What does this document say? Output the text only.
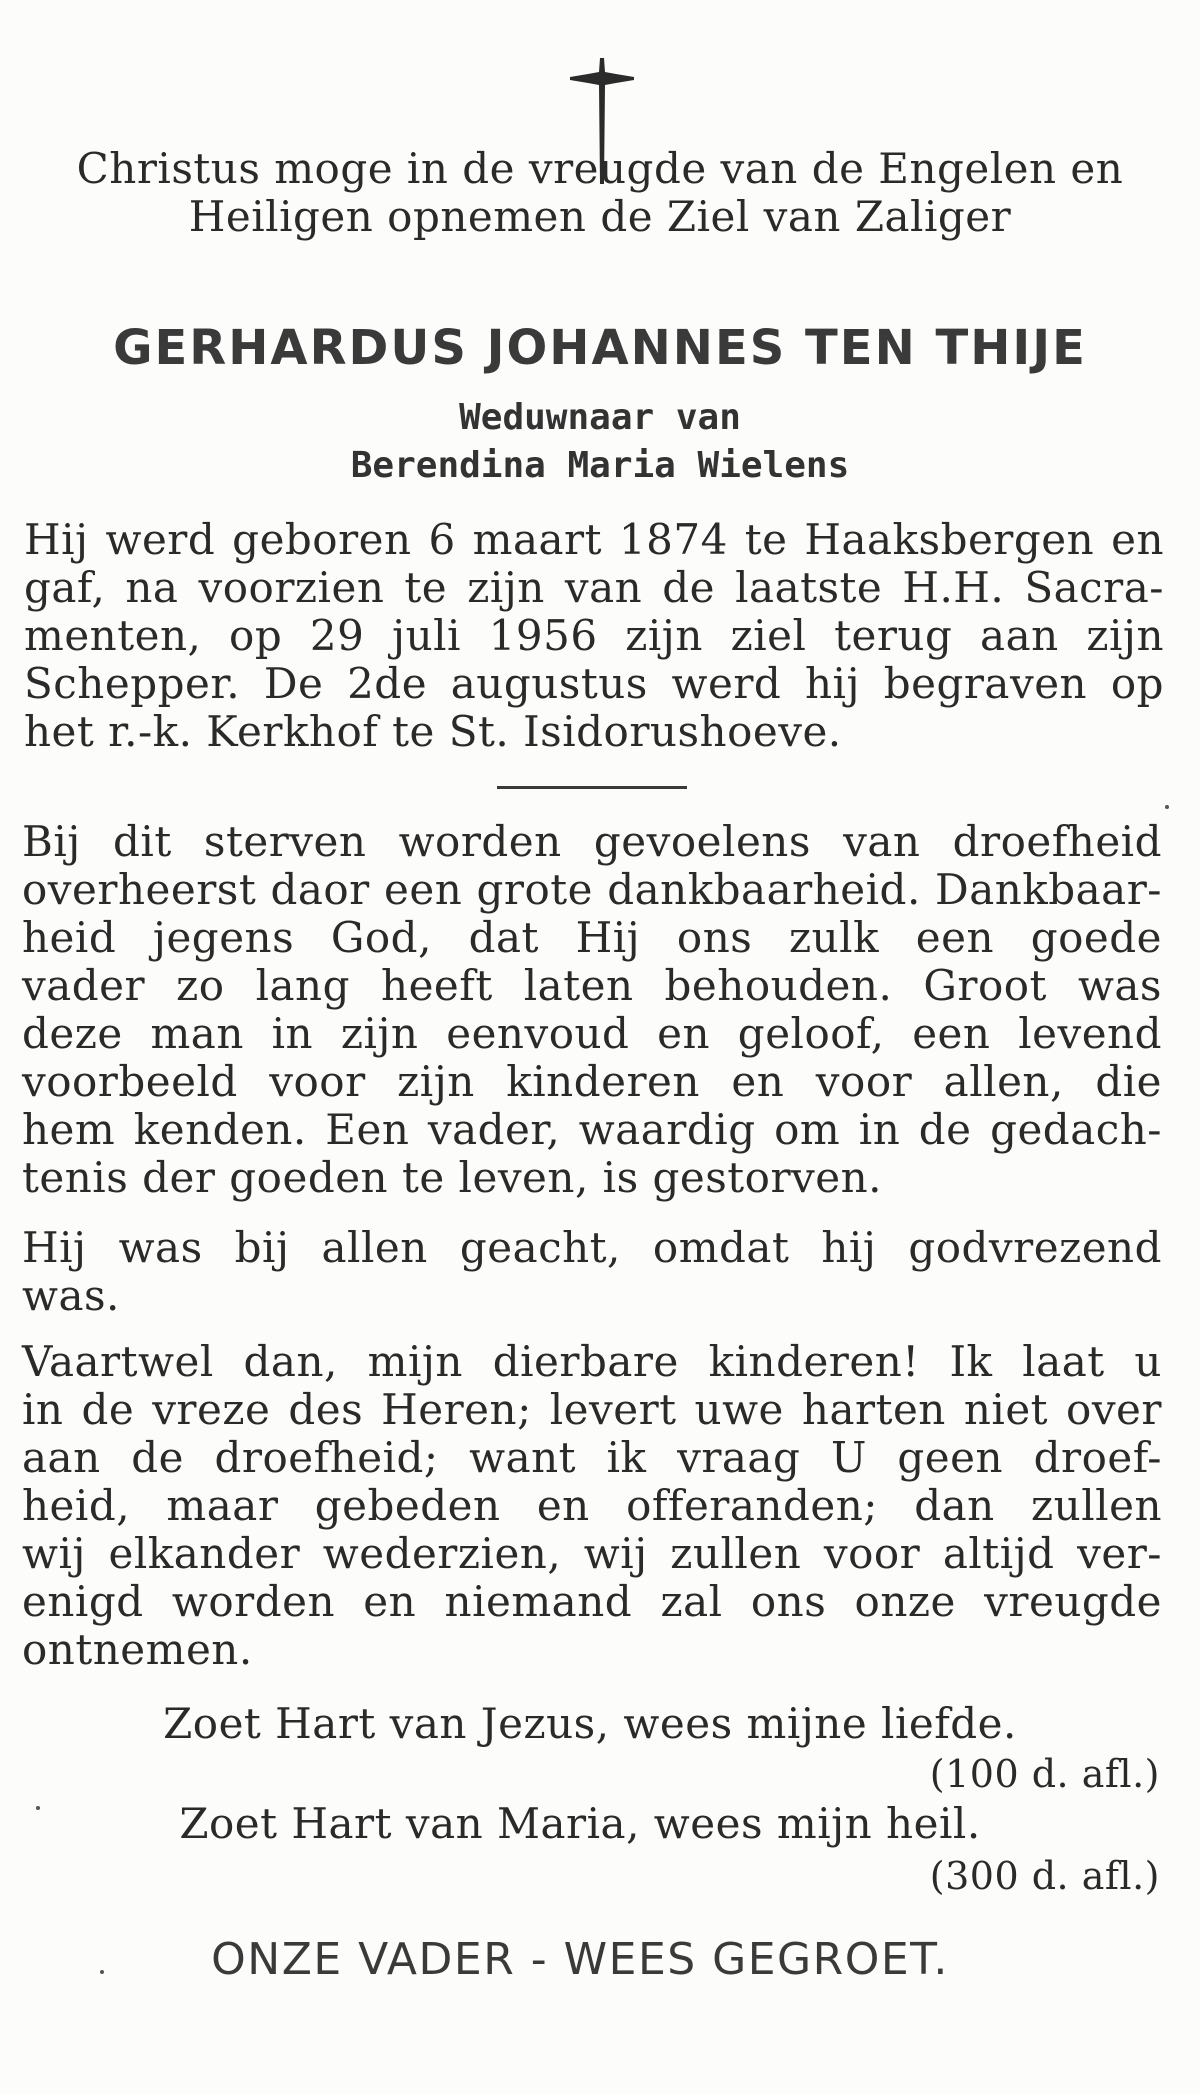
Christus moge in de vreugde van de Engelen en
Heiligen opnemen de Ziel van Zaliger
GERHARDUS JOHANNES TEN THIJE
Weduwnaar van
Berendina Maria Wielens
Hij werd geboren 6 maart 1874 te Haaksbergen en
gaf, na voorzien te zijn van de laatste H.H. Sacra-
menten, op 29 juli 1956 zijn ziel terug aan zijn
Schepper. De 2de augustus werd hij begraven op
het r.-k. Kerkhof te St. Isidorushoeve.
Bij dit sterven worden gevoelens van droefheid
overheerst daor een grote dankbaarheid. Dankbaar-
heid jegens God, dat Hij ons zulk een goede
vader zo lang heeft laten behouden. Groot was
deze man in zijn eenvoud en geloof, een levend
voorbeeld voor zijn kinderen en voor allen, die
hem kenden. Een vader, waardig om in de gedach-
tenis der goeden te leven, is gestorven.
Hij was bij allen geacht, omdat hij godvrezend
was.
Vaartwel dan, mijn dierbare kinderen! Ik laat u
in de vreze des Heren; levert uwe harten niet over
aan de droefheid; want ik vraag U geen droef-
heid, maar gebeden en offeranden; dan zullen
wij elkander wederzien, wij zullen voor altijd ver-
enigd worden en niemand zal ons onze vreugde
ontnemen.
Zoet Hart van Jezus, wees mijne liefde.
(100 d. afl.)
Zoet Hart van Maria, wees mijn heil.
(300 d. afl.)
ONZE VADER - WEES GEGROET.
